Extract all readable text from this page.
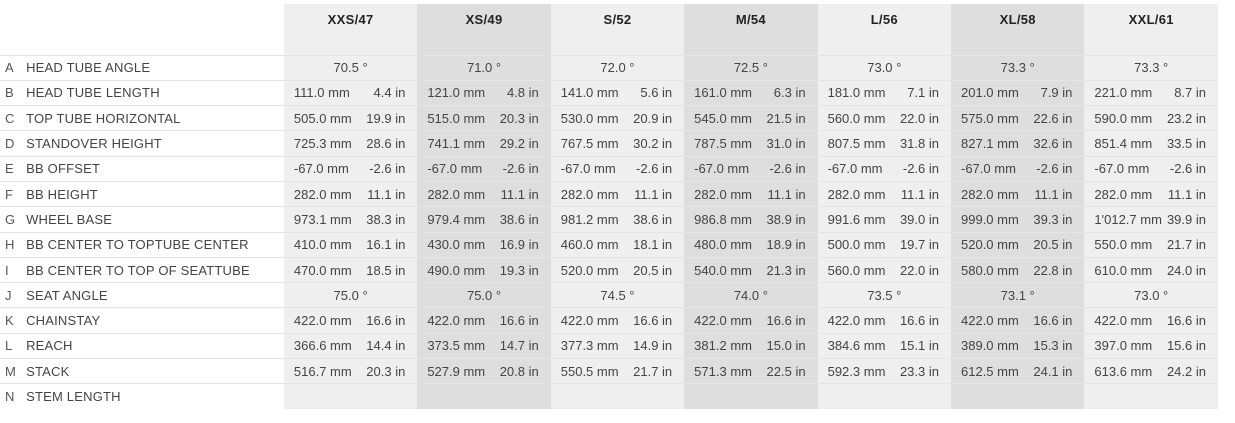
		XXS/47		XS/49		S/52		M/54		L/56		XL/58		XXL/61	
A	HEAD TUBE ANGLE	70.5 °		71.0 °		72.0 °		72.5 °		73.0 °		73.3 °		73.3 °	
B	HEAD TUBE LENGTH	111.0 mm	4.4 in	121.0 mm	4.8 in	141.0 mm	5.6 in	161.0 mm	6.3 in	181.0 mm	7.1 in	201.0 mm	7.9 in	221.0 mm	8.7 in
C	TOP TUBE HORIZONTAL	505.0 mm	19.9 in	515.0 mm	20.3 in	530.0 mm	20.9 in	545.0 mm	21.5 in	560.0 mm	22.0 in	575.0 mm	22.6 in	590.0 mm	23.2 in
D	STANDOVER HEIGHT	725.3 mm	28.6 in	741.1 mm	29.2 in	767.5 mm	30.2 in	787.5 mm	31.0 in	807.5 mm	31.8 in	827.1 mm	32.6 in	851.4 mm	33.5 in
E	BB OFFSET	-67.0 mm	-2.6 in	-67.0 mm	-2.6 in	-67.0 mm	-2.6 in	-67.0 mm	-2.6 in	-67.0 mm	-2.6 in	-67.0 mm	-2.6 in	-67.0 mm	-2.6 in
F	BB HEIGHT	282.0 mm	11.1 in	282.0 mm	11.1 in	282.0 mm	11.1 in	282.0 mm	11.1 in	282.0 mm	11.1 in	282.0 mm	11.1 in	282.0 mm	11.1 in
G	WHEEL BASE	973.1 mm	38.3 in	979.4 mm	38.6 in	981.2 mm	38.6 in	986.8 mm	38.9 in	991.6 mm	39.0 in	999.0 mm	39.3 in	1'012.7 mm	39.9 in
H	BB CENTER TO TOPTUBE CENTER	410.0 mm	16.1 in	430.0 mm	16.9 in	460.0 mm	18.1 in	480.0 mm	18.9 in	500.0 mm	19.7 in	520.0 mm	20.5 in	550.0 mm	21.7 in
I	BB CENTER TO TOP OF SEATTUBE	470.0 mm	18.5 in	490.0 mm	19.3 in	520.0 mm	20.5 in	540.0 mm	21.3 in	560.0 mm	22.0 in	580.0 mm	22.8 in	610.0 mm	24.0 in
J	SEAT ANGLE	75.0 °		75.0 °		74.5 °		74.0 °		73.5 °		73.1 °		73.0 °	
K	CHAINSTAY	422.0 mm	16.6 in	422.0 mm	16.6 in	422.0 mm	16.6 in	422.0 mm	16.6 in	422.0 mm	16.6 in	422.0 mm	16.6 in	422.0 mm	16.6 in
L	REACH	366.6 mm	14.4 in	373.5 mm	14.7 in	377.3 mm	14.9 in	381.2 mm	15.0 in	384.6 mm	15.1 in	389.0 mm	15.3 in	397.0 mm	15.6 in
M	STACK	516.7 mm	20.3 in	527.9 mm	20.8 in	550.5 mm	21.7 in	571.3 mm	22.5 in	592.3 mm	23.3 in	612.5 mm	24.1 in	613.6 mm	24.2 in
N	STEM LENGTH														
